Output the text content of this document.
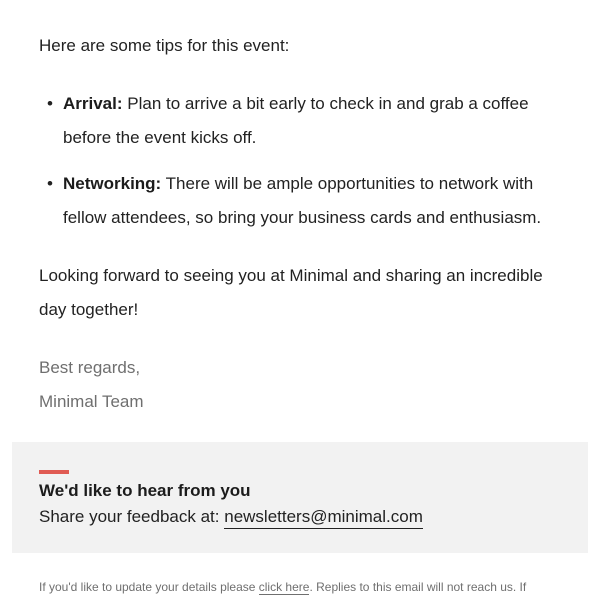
Here are some tips for this event:

• Arrival: Plan to arrive a bit early to check in and grab a coffee before the event kicks off.
• Networking: There will be ample opportunities to network with fellow attendees, so bring your business cards and enthusiasm.

Looking forward to seeing you at Minimal and sharing an incredible day together!

Best regards,
Minimal Team
We'd like to hear from you
Share your feedback at: newsletters@minimal.com
If you'd like to update your details please click here. Replies to this email will not reach us. If
